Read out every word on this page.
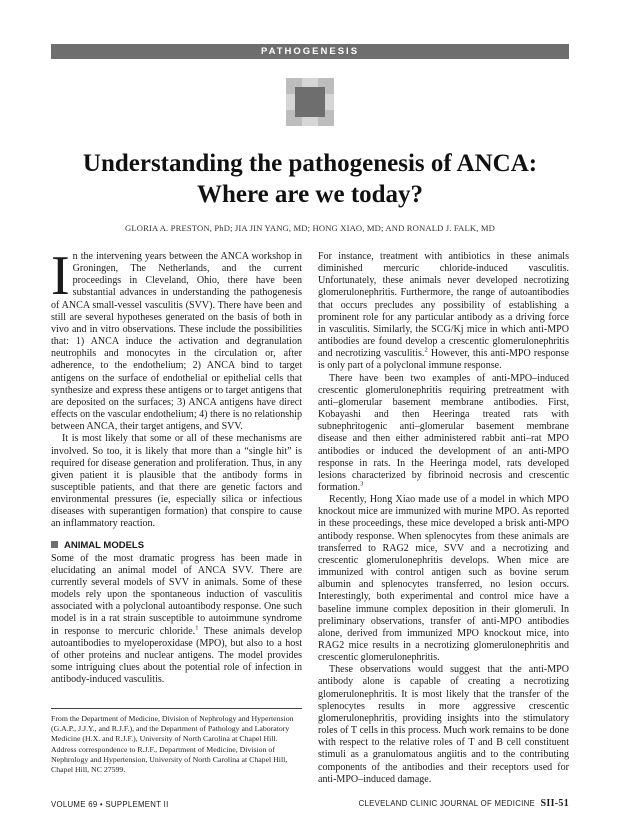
PATHOGENESIS
Understanding the pathogenesis of ANCA:
Where are we today?
GLORIA A. PRESTON, PhD; JIA JIN YANG, MD; HONG XIAO, MD; AND RONALD J. FALK, MD

In the intervening years between the ANCA workshop in Groningen, The Netherlands, and the current proceedings in Cleveland, Ohio, there have been substantial advances in understanding the pathogenesis of ANCA small-vessel vasculitis (SVV). There have been and still are several hypotheses generated on the basis of both in vivo and in vitro observations. These include the possibilities that: 1) ANCA induce the activation and degranulation neutrophils and monocytes in the circulation or, after adherence, to the endothelium; 2) ANCA bind to target antigens on the surface of endothelial or epithelial cells that synthesize and express these antigens or to target antigens that are deposited on the surfaces; 3) ANCA antigens have direct effects on the vascular endothelium; 4) there is no relationship between ANCA, their target antigens, and SVV.

It is most likely that some or all of these mechanisms are involved. So too, it is likely that more than a “single hit” is required for disease generation and proliferation. Thus, in any given patient it is plausible that the antibody forms in susceptible patients, and that there are genetic factors and environmental pressures (ie, especially silica or infectious diseases with superantigen formation) that conspire to cause an inflammatory reaction.

ANIMAL MODELS

Some of the most dramatic progress has been made in elucidating an animal model of ANCA SVV. There are currently several models of SVV in animals. Some of these models rely upon the spontaneous induction of vasculitis associated with a polyclonal autoantibody response. One such model is in a rat strain susceptible to autoimmune syndrome in response to mercuric chloride.$^1$ These animals develop autoantibodies to myeloperoxidase (MPO), but also to a host of other proteins and nuclear antigens. The model provides some intriguing clues about the potential role of infection in antibody-induced vasculitis.

From the Department of Medicine, Division of Nephrology and Hypertension (G.A.P., J.J.Y., and R.J.F.), and the Department of Pathology and Laboratory Medicine (H.X. and R.J.F.), University of North Carolina at Chapel Hill.

Address correspondence to R.J.F., Department of Medicine, Division of Nephrology and Hypertension, University of North Carolina at Chapel Hill, Chapel Hill, NC 27599.

For instance, treatment with antibiotics in these animals diminished mercuric chloride-induced vasculitis. Unfortunately, these animals never developed necrotizing glomerulonephritis. Furthermore, the range of autoantibodies that occurs precludes any possibility of establishing a prominent role for any particular antibody as a driving force in vasculitis. Similarly, the SCG/Kj mice in which anti-MPO antibodies are found develop a crescentic glomerulonephritis and necrotizing vasculitis.$^2$ However, this anti-MPO response is only part of a polyclonal immune response.

There have been two examples of anti-MPO–induced crescentic glomerulonephritis requiring pretreatment with anti–glomerular basement membrane antibodies. First, Kobayashi and then Heeringa treated rats with subnephritogenic anti–glomerular basement membrane disease and then either administered rabbit anti–rat MPO antibodies or induced the development of an anti-MPO response in rats. In the Heeringa model, rats developed lesions characterized by fibrinoid necrosis and crescentic formation.$^3$

Recently, Hong Xiao made use of a model in which MPO knockout mice are immunized with murine MPO. As reported in these proceedings, these mice developed a brisk anti-MPO antibody response. When splenocytes from these animals are transferred to RAG2 mice, SVV and a necrotizing and crescentic glomerulonephritis develops. When mice are immunized with control antigen such as bovine serum albumin and splenocytes transferred, no lesion occurs. Interestingly, both experimental and control mice have a baseline immune complex deposition in their glomeruli. In preliminary observations, transfer of anti-MPO antibodies alone, derived from immunized MPO knockout mice, into RAG2 mice results in a necrotizing glomerulonephritis and crescentic glomerulonephritis.

These observations would suggest that the anti-MPO antibody alone is capable of creating a necrotizing glomerulonephritis. It is most likely that the transfer of the splenocytes results in more aggressive crescentic glomerulonephritis, providing insights into the stimulatory roles of T cells in this process. Much work remains to be done with respect to the relative roles of T and B cell constituent stimuli as a granulomatous angiitis and to the contributing components of the antibodies and their receptors used for anti-MPO–induced damage.

VOLUME 69 • SUPPLEMENT II	CLEVELAND CLINIC JOURNAL OF MEDICINE SII-51
